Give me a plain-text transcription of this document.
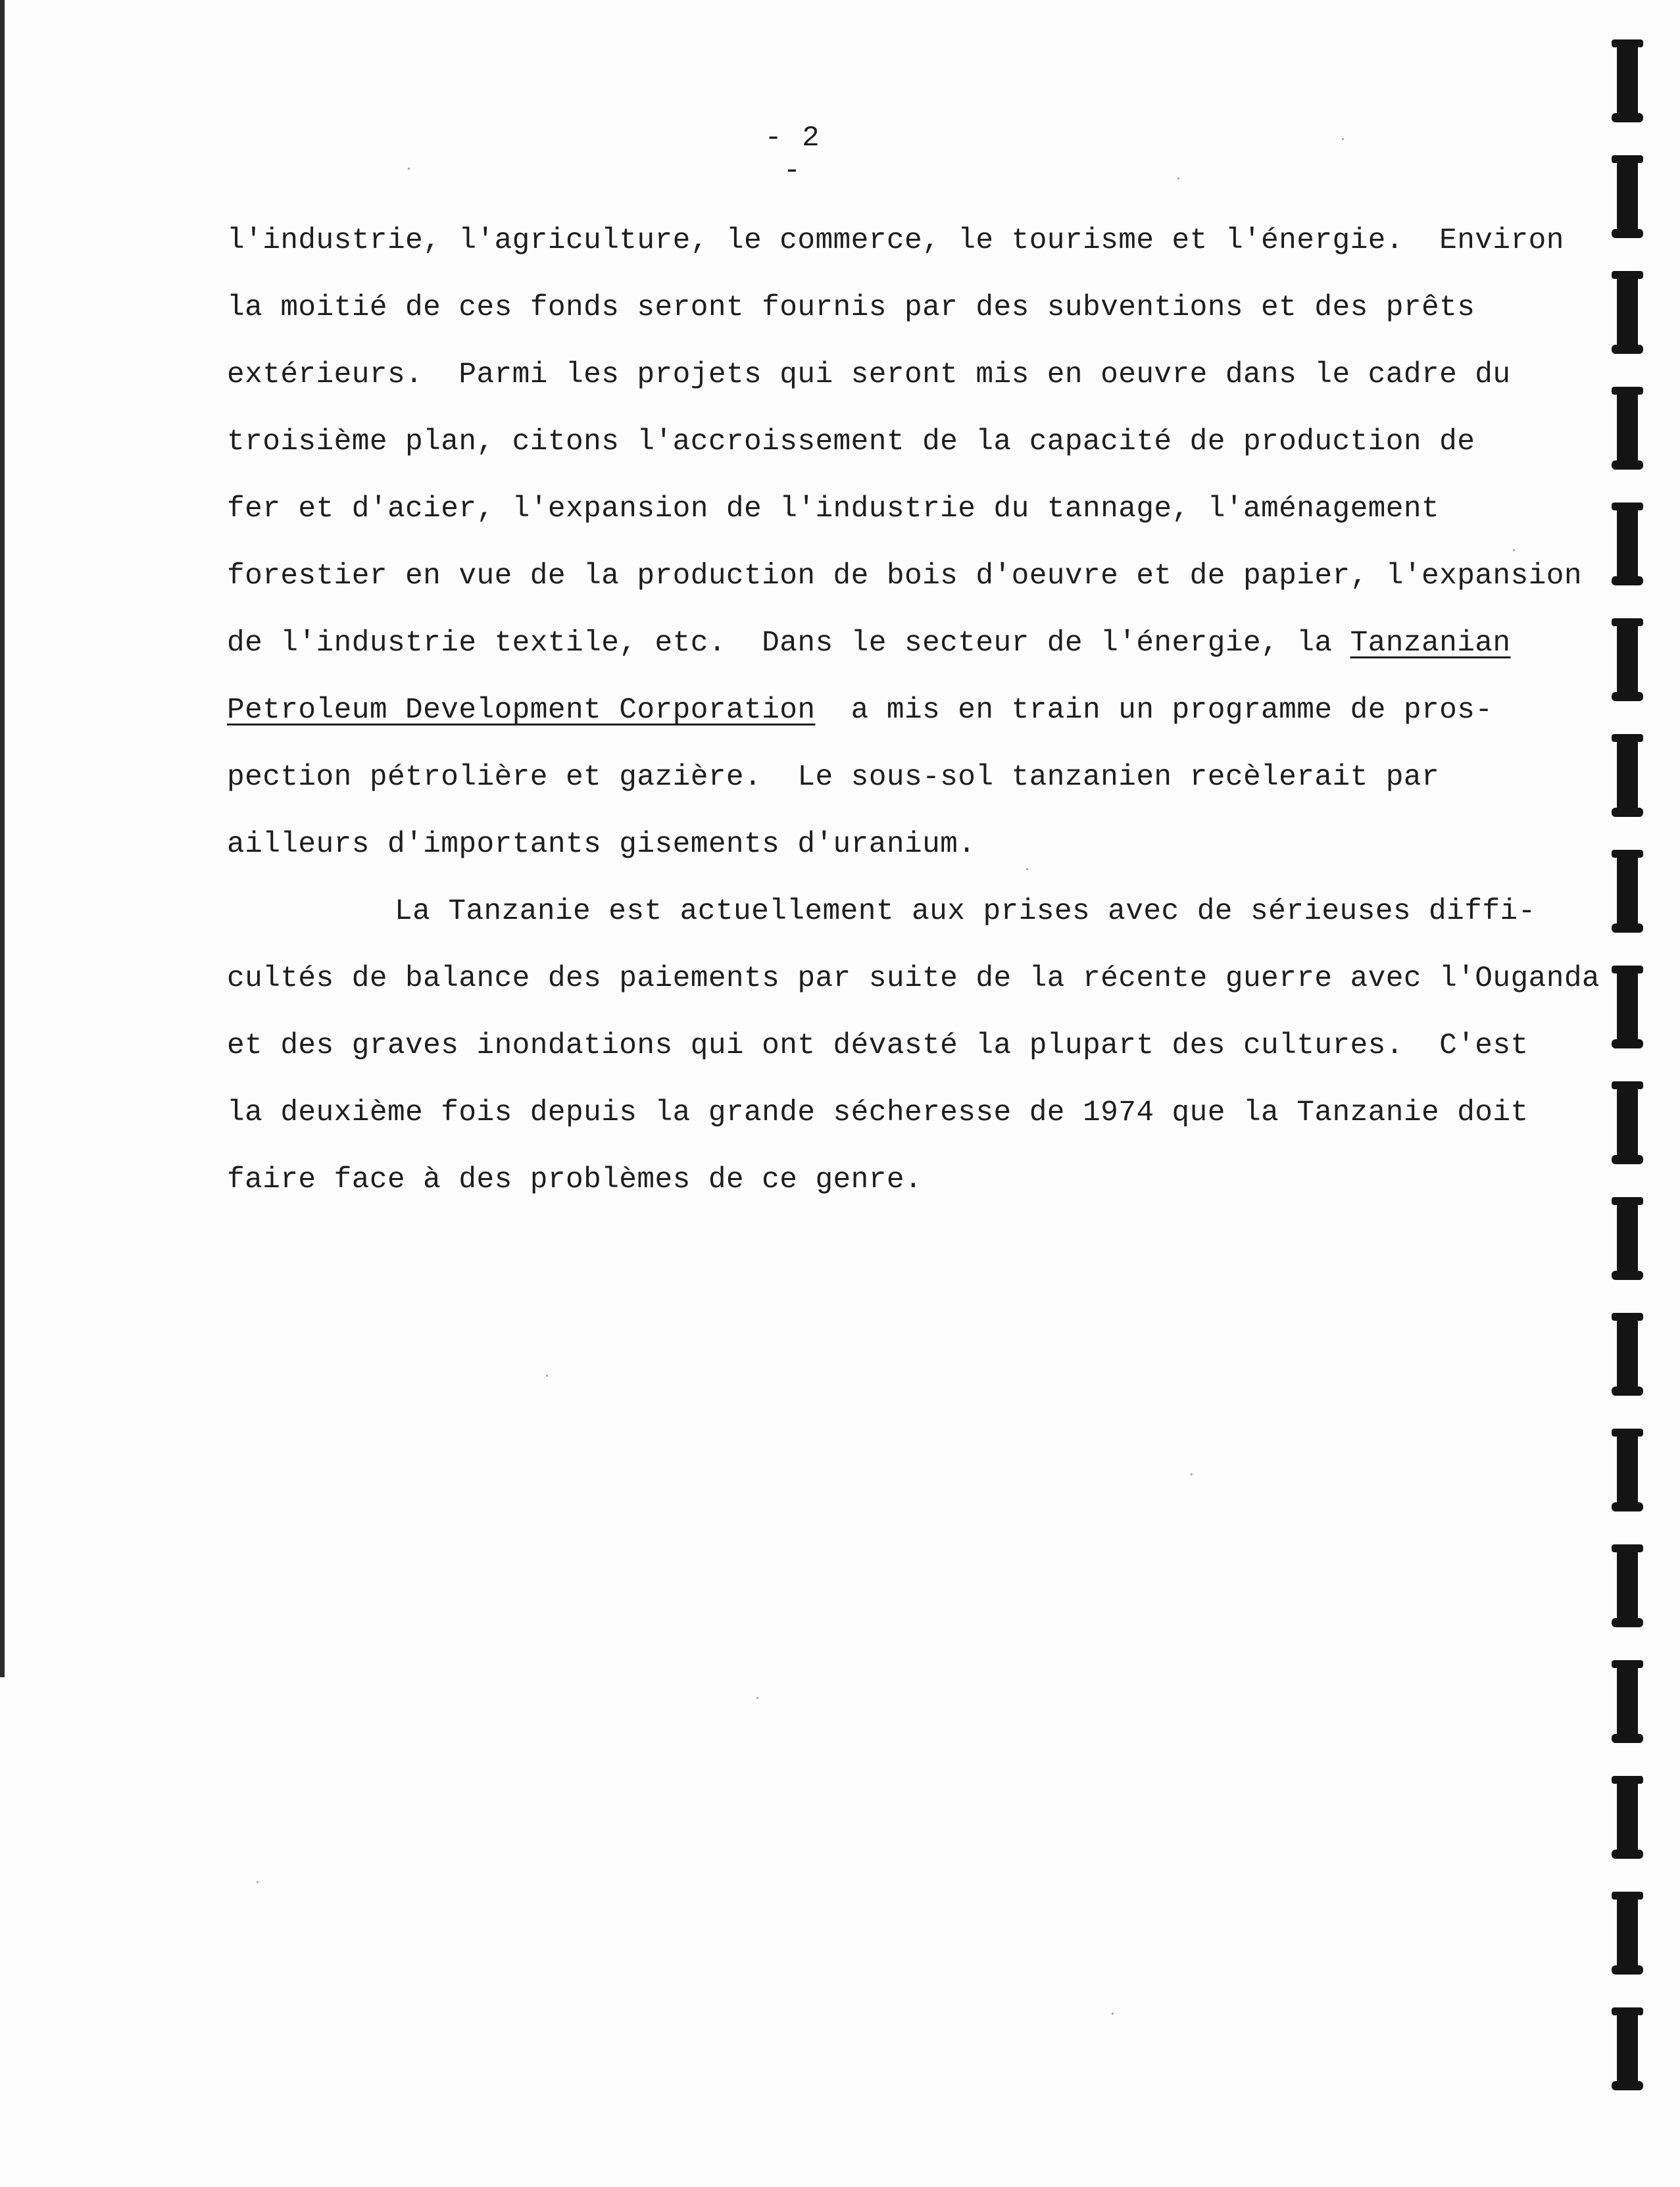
- 2 -
l'industrie, l'agriculture, le commerce, le tourisme et l'énergie.  Environ
la moitié de ces fonds seront fournis par des subventions et des prêts
extérieurs.  Parmi les projets qui seront mis en oeuvre dans le cadre du
troisième plan, citons l'accroissement de la capacité de production de
fer et d'acier, l'expansion de l'industrie du tannage, l'aménagement
forestier en vue de la production de bois d'oeuvre et de papier, l'expansion
de l'industrie textile, etc.  Dans le secteur de l'énergie, la Tanzanian
Petroleum Development Corporation  a mis en train un programme de pros-
pection pétrolière et gazière.  Le sous-sol tanzanien recèlerait par
ailleurs d'importants gisements d'uranium.
La Tanzanie est actuellement aux prises avec de sérieuses diffi-
cultés de balance des paiements par suite de la récente guerre avec l'Ouganda
et des graves inondations qui ont dévasté la plupart des cultures.  C'est
la deuxième fois depuis la grande sécheresse de 1974 que la Tanzanie doit
faire face à des problèmes de ce genre.
